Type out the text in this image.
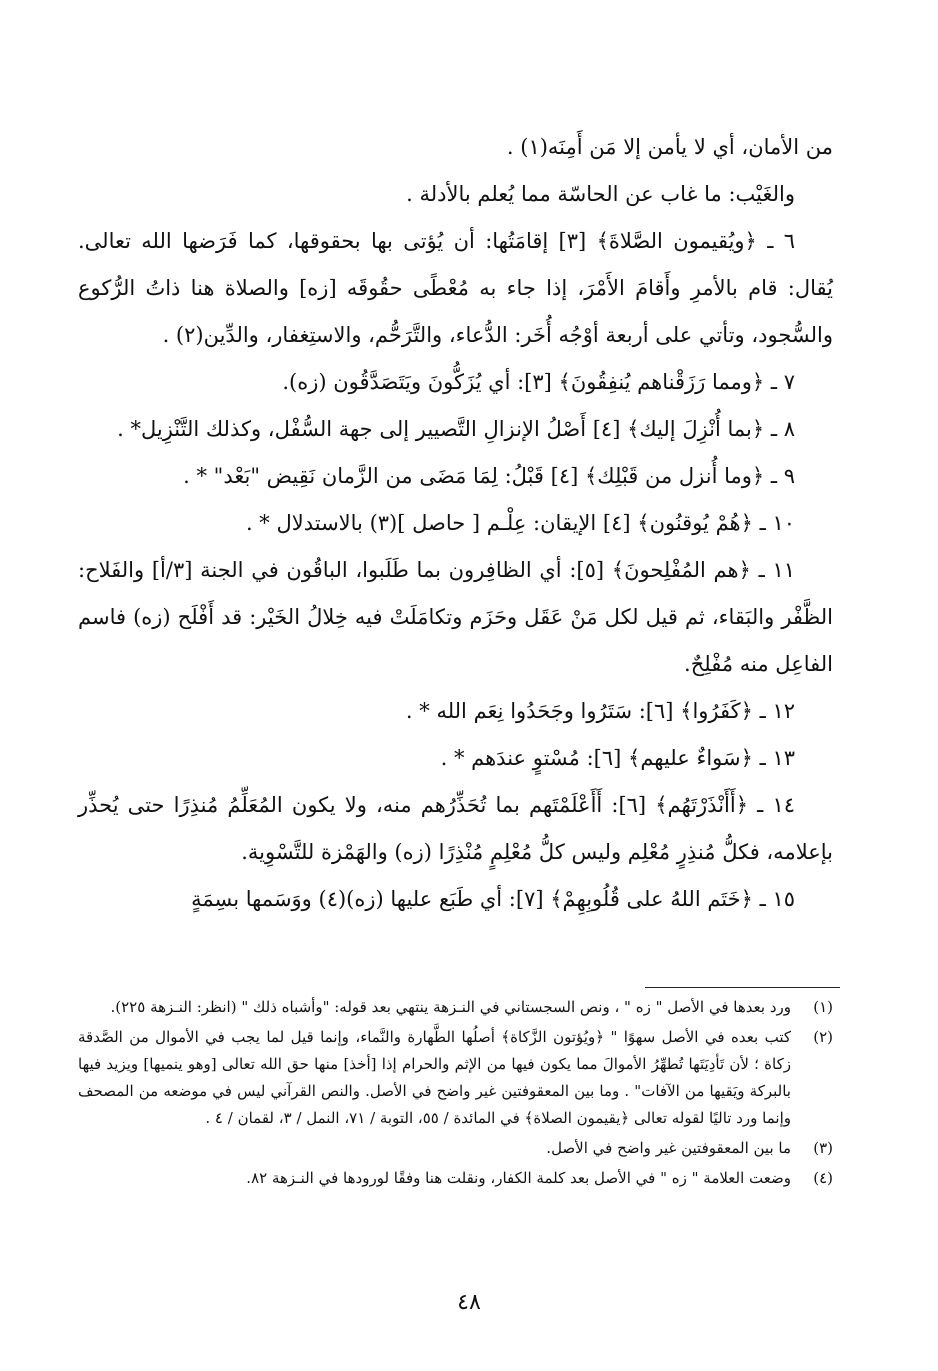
من الأمان، أي لا يأمن إلا مَن أَمِنَه(١) .

والغَيْب: ما غاب عن الحاسّة مما يُعلم بالأدلة .

٦ ـ ﴿ويُقيمون الصَّلاةَ﴾ [٣] إقامَتُها: أن يُؤتى بها بحقوقها، كما فَرَضها الله تعالى. يُقال: قام بالأمرِ وأَقامَ الأَمْرَ، إذا جاء به مُعْطًى حقُوقَه [زه] والصلاة هنا ذاتُ الرُّكوع والسُّجود، وتأتي على أربعة أوْجُه أُخَر: الدُّعاء، والتَّرَحُّم، والاستِغفار، والدِّين(٢) .

٧ ـ ﴿ومما رَزَقْناهم يُنفِقُونَ﴾ [٣]: أي يُزَكُّونَ ويَتَصَدَّقُون (زه).

٨ ـ ﴿بما أُنْزِلَ إليك﴾ [٤] أَصْلُ الإنزالِ التَّصيير إلى جهة السُّفْل، وكذلك التَّنْزِيل* .

٩ ـ ﴿وما أُنزل من قَبْلِك﴾ [٤] قَبْلُ: لِمَا مَضَى من الزَّمان نَقِيض "بَعْد" * .

١٠ ـ ﴿هُمْ يُوقنُون﴾ [٤] الإيقان: عِلْـم [ حاصل ](٣) بالاستدلال * .

١١ ـ ﴿هم المُفْلِحونَ﴾ [٥]: أي الظافِرون بما طَلَبوا، الباقُون في الجنة [٣/أ] والفَلاح: الظَّفْر والبَقاء، ثم قيل لكل مَنْ عَقَل وحَزَم وتكامَلَتْ فيه خِلالُ الخَيْر: قد أَفْلَح (زه) فاسم الفاعِل منه مُفْلِحٌ.

١٢ ـ ﴿كَفَرُوا﴾ [٦]: سَتَرُوا وجَحَدُوا نِعَم الله * .

١٣ ـ ﴿سَواءٌ عليهم﴾ [٦]: مُسْتوٍ عندَهم * .

١٤ ـ ﴿أَأَنْذَرْتَهُم﴾ [٦]: أَأَعْلَمْتَهم بما تُحَذِّرُهم منه، ولا يكون المُعَلِّمُ مُنذِرًا حتى يُحذِّر بإعلامه، فكلُّ مُنذِرٍ مُعْلِم وليس كلُّ مُعْلِمٍ مُنْذِرًا (زه) والهَمْزة للتَّسْوِية.

١٥ ـ ﴿خَتَم اللهُ على قُلُوبِهِمْ﴾ [٧]: أي طَبَع عليها (زه)(٤) ووَسَمها بسِمَةٍ

(١)
ورد بعدها في الأصل " زه " ، ونص السجستاني في النـزهة ينتهي بعد قوله: "وأشباه ذلك " (انظر: النـزهة ٢٢٥).
(٢)
كتب بعده في الأصل سهوًا " ﴿ويُؤتون الزَّكاة﴾ أصلُها الطَّهارة والنَّماء، وإنما قيل لما يجب في الأموال من الصَّدقة زكاة ؛ لأن تَأدِيَتَها تُطهِّرُ الأموالَ مما يكون فيها من الإثم والحرام إذا [أخذ] منها حق الله تعالى [وهو ينميها] ويزيد فيها بالبركة ويَقيها من الآفات" . وما بين المعقوفتين غير واضح في الأصل. والنص القرآني ليس في موضعه من المصحف وإنما ورد تاليًا لقوله تعالى ﴿يقيمون الصلاة﴾ في المائدة / ٥٥، التوبة / ٧١، النمل / ٣، لقمان / ٤ .
(٣)
ما بين المعقوفتين غير واضح في الأصل.
(٤)
وضعت العلامة " زه " في الأصل بعد كلمة الكفار، ونقلت هنا وفقًا لورودها في النـزهة ٨٢.
٤٨
